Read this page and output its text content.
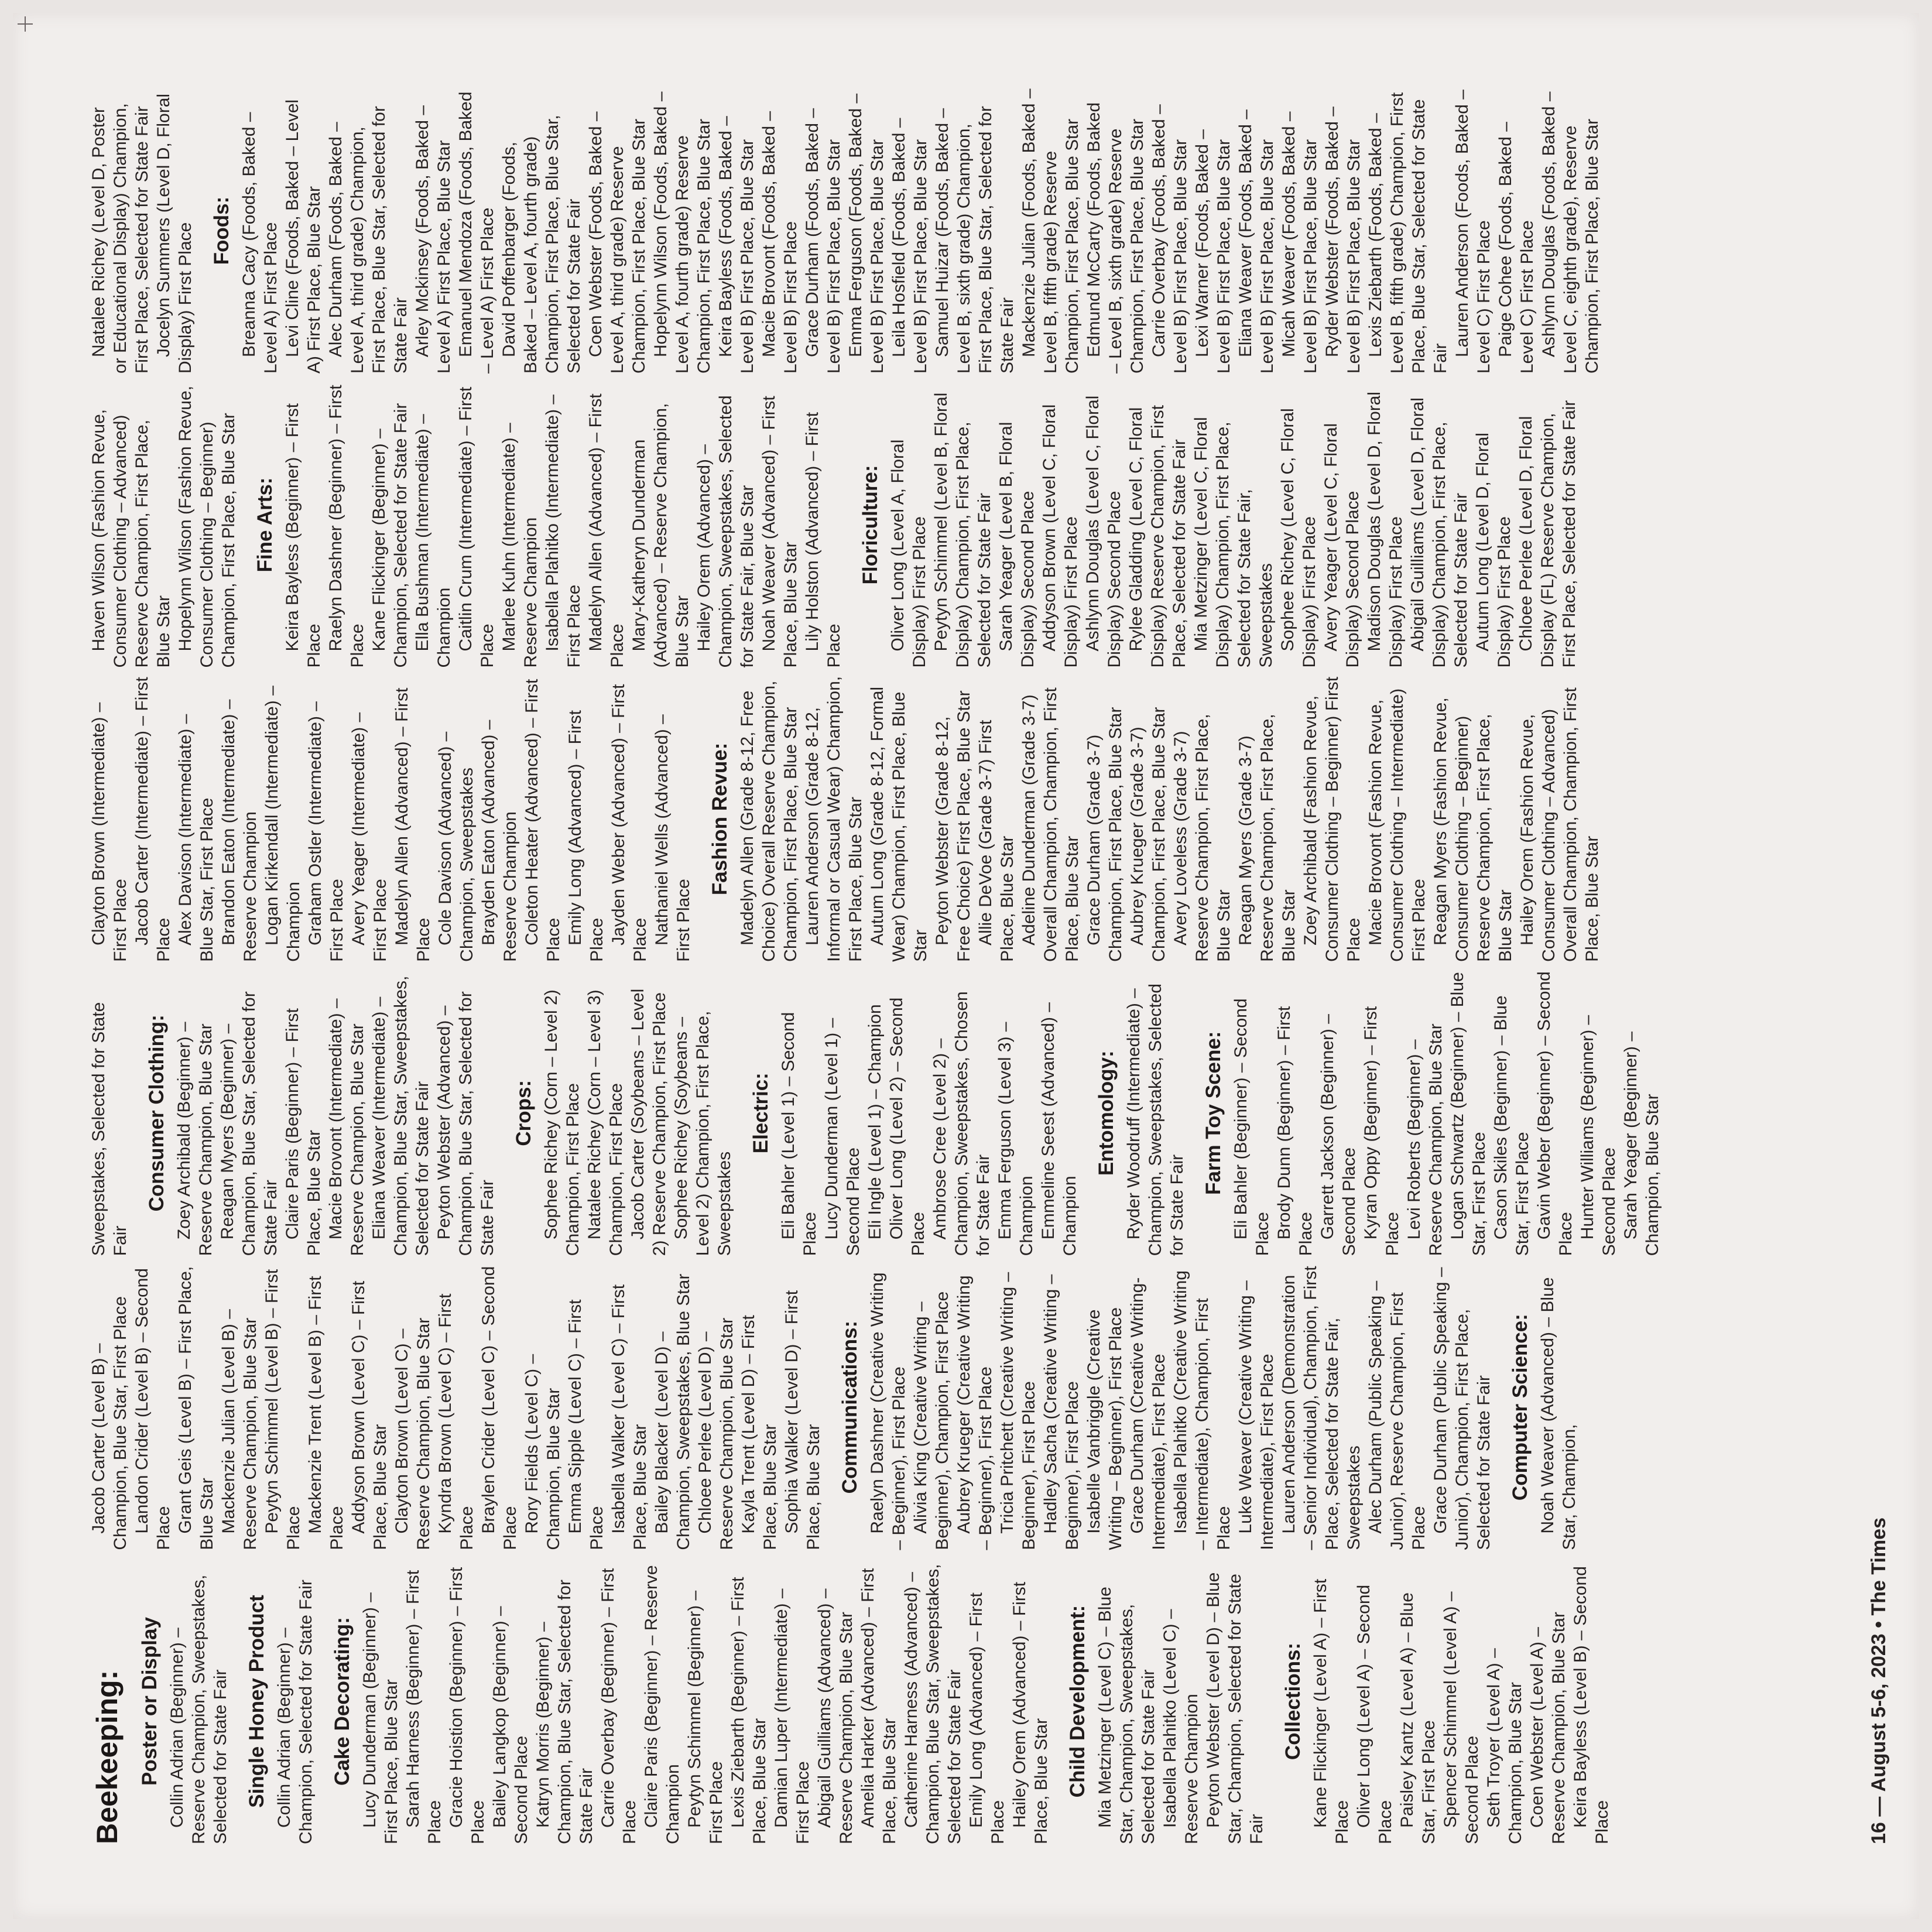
Beekeeping: Poster or Display Collin Adrian (Beginner) – Reserve Champion, Sweepstakes, Selected for State Fair Single Honey Product Collin Adrian (Beginner) – Champion, Selected for State Fair Cake Decorating: Lucy Dunderman (Beginner) – First Place, Blue Star Sarah Harness (Beginner) – First Place Gracie Hoistion (Beginner) – First Place Bailey Langkop (Beginner) – Second Place Katryn Morris (Beginner) – Champion, Blue Star, Selected for State Fair Carrie Overbay (Beginner) – First Place Claire Paris (Beginner) – Reserve Champion Peytyn Schimmel (Beginner) – First Place Lexis Ziebarth (Beginner) – First Place, Blue Star Damian Luper (Intermediate) – First Place Abigail Guilliams (Advanced) – Reserve Champion, Blue Star Amelia Harker (Advanced) – First Place, Blue Star Catherine Harness (Advanced) – Champion, Blue Star, Sweepstakes, Selected for State Fair Emily Long (Advanced) – First Place Hailey Orem (Advanced) – First Place, Blue Star Child Development: Mia Metzinger (Level C) – Blue Star, Champion, Sweepstakes, Selected for State Fair Isabella Plahitko (Level C) – Reserve Champion Peyton Webster (Level D) – Blue Star, Champion, Selected for State Fair
Collections: Kane Flickinger (Level A) – First Place Oliver Long (Level A) – Second Place Paisley Kantz (Level A) – Blue Star, First Place Spencer Schimmel (Level A) – Second Place Seth Troyer (Level A) – Champion, Blue Star Coen Webster (Level A) – Reserve Champion, Blue Star Keira Bayless (Level B) – Second Place
Jacob Carter (Level B) – Champion, Blue Star, First Place Landon Crider (Level B) – Second Place Grant Geis (Level B) – First Place, Blue Star Mackenzie Julian (Level B) – Reserve Champion, Blue Star Peytyn Schimmel (Level B) – First Place Mackenzie Trent (Level B) – First Place Addyson Brown (Level C) – First Place, Blue Star Clayton Brown (Level C) – Reserve Champion, Blue Star Kyndra Brown (Level C) – First Place Braylen Crider (Level C) – Second Place Rory Fields (Level C) – Champion, Blue Star Emma Sipple (Level C) – First Place Isabella Walker (Level C) – First Place, Blue Star Bailey Blacker (Level D) – Champion, Sweepstakes, Blue Star Chloee Perlee (Level D) – Reserve Champion, Blue Star Kayla Trent (Level D) – First Place, Blue Star Sophia Walker (Level D) – First Place, Blue Star Communications: Raelyn Dashner (Creative Writing – Beginner), First Place Alivia King (Creative Writing – Beginner), Champion, First Place Aubrey Krueger (Creative Writing – Beginner), First Place Tricia Pritchett (Creative Writing – Beginner), First Place Hadley Sacha (Creative Writing – Beginner), First Place Isabelle Vanbriggle (Creative Writing – Beginner), First Place Grace Durham (Creative Writing- Intermediate), First Place Isabella Plahitko (Creative Writing – Intermediate), Champion, First Place Luke Weaver (Creative Writing – Intermediate), First Place Lauren Anderson (Demonstration – Senior Individual), Champion, First Place, Selected for State Fair, Sweepstakes Alec Durham (Public Speaking – Junior), Reserve Champion, First Place Grace Durham (Public Speaking – Junior), Champion, First Place, Selected for State Fair Computer Science: Noah Weaver (Advanced) – Blue Star, Champion,
Sweepstakes, Selected for State Fair
Consumer Clothing: Zoey Archibald (Beginner) – Reserve Champion, Blue Star Reagan Myers (Beginner) – Champion, Blue Star, Selected for State Fair Claire Paris (Beginner) – First Place, Blue Star Macie Brovont (Intermediate) – Reserve Champion, Blue Star Eliana Weaver (Intermediate) – Champion, Blue Star, Sweepstakes, Selected for State Fair Peyton Webster (Advanced) – Champion, Blue Star, Selected for State Fair
Crops: Sophee Richey (Corn – Level 2) Champion, First Place Natalee Richey (Corn – Level 3) Champion, First Place Jacob Carter (Soybeans – Level 2) Reserve Champion, First Place Sophee Richey (Soybeans – Level 2) Champion, First Place, Sweepstakes
Electric: Eli Bahler (Level 1) – Second Place Lucy Dunderman (Level 1) – Second Place Eli Ingle (Level 1) – Champion Oliver Long (Level 2) – Second Place Ambrose Cree (Level 2) – Champion, Sweepstakes, Chosen for State Fair Emma Ferguson (Level 3) – Champion Emmeline Seest (Advanced) – Champion
Entomology: Ryder Woodruff (Intermediate) – Champion, Sweepstakes, Selected for State Fair
Farm Toy Scene: Eli Bahler (Beginner) – Second Place Brody Dunn (Beginner) – First Place Garrett Jackson (Beginner) – Second Place Kyran Oppy (Beginner) – First Place Levi Roberts (Beginner) – Reserve Champion, Blue Star Logan Schwartz (Beginner) – Blue Star, First Place Cason Skiles (Beginner) – Blue Star, First Place Gavin Weber (Beginner) – Second Place Hunter Williams (Beginner) – Second Place Sarah Yeager (Beginner) – Champion, Blue Star
Clayton Brown (Intermediate) – First Place Jacob Carter (Intermediate) – First Place Alex Davison (Intermediate) – Blue Star, First Place Brandon Eaton (Intermediate) – Reserve Champion Logan Kirkendall (Intermediate) – Champion Graham Ostler (Intermediate) – First Place Avery Yeager (Intermediate) – First Place Madelyn Allen (Advanced) – First Place Cole Davison (Advanced) – Champion, Sweepstakes Brayden Eaton (Advanced) – Reserve Champion Coleton Heater (Advanced) – First Place Emily Long (Advanced) – First Place Jayden Weber (Advanced) – First Place Nathaniel Wells (Advanced) – First Place
Fashion Revue: Madelyn Allen (Grade 8-12, Free Choice) Overall Reserve Champion, Champion, First Place, Blue Star Lauren Anderson (Grade 8-12, Informal or Casual Wear) Champion, First Place, Blue Star Autum Long (Grade 8-12, Formal Wear) Champion, First Place, Blue Star
Peyton Webster (Grade 8-12, Free Choice) First Place, Blue Star Allie DeVoe (Grade 3-7) First Place, Blue Star Adeline Dunderman (Grade 3-7) Overall Champion, Champion, First Place, Blue Star Grace Durham (Grade 3-7) Champion, First Place, Blue Star Aubrey Krueger (Grade 3-7) Champion, First Place, Blue Star Avery Loveless (Grade 3-7) Reserve Champion, First Place, Blue Star Reagan Myers (Grade 3-7) Reserve Champion, First Place, Blue Star Zoey Archibald (Fashion Revue, Consumer Clothing – Beginner) First Place Macie Brovont (Fashion Revue, Consumer Clothing – Intermediate) First Place Reagan Myers (Fashion Revue, Consumer Clothing – Beginner) Reserve Champion, First Place, Blue Star Hailey Orem (Fashion Revue, Consumer Clothing – Advanced) Overall Champion, Champion, First Place, Blue Star
Haven Wilson (Fashion Revue, Consumer Clothing – Advanced) Reserve Champion, First Place, Blue Star Hopelynn Wilson (Fashion Revue, Consumer Clothing – Beginner) Champion, First Place, Blue Star Fine Arts: Keira Bayless (Beginner) – First Place Raelyn Dashner (Beginner) – First Place Kane Flickinger (Beginner) – Champion, Selected for State Fair Ella Bushman (Intermediate) – Champion Caitlin Crum (Intermediate) – First Place Marlee Kuhn (Intermediate) – Reserve Champion Isabella Plahitko (Intermediate) – First Place Madelyn Allen (Advanced) – First Place Mary-Katheryn Dunderman (Advanced) – Reserve Champion, Blue Star Hailey Orem (Advanced) – Champion, Sweepstakes, Selected for State Fair, Blue Star Noah Weaver (Advanced) – First Place, Blue Star Lily Holston (Advanced) – First Place
Floriculture: Oliver Long (Level A, Floral Display) First Place Peytyn Schimmel (Level B, Floral Display) Champion, First Place, Selected for State Fair Sarah Yeager (Level B, Floral Display) Second Place Addyson Brown (Level C, Floral Display) First Place Ashlynn Douglas (Level C, Floral Display) Second Place Rylee Gladding (Level C, Floral Display) Reserve Champion, First Place, Selected for State Fair Mia Metzinger (Level C, Floral Display) Champion, First Place, Selected for State Fair, Sweepstakes Sophee Richey (Level C, Floral Display) First Place Avery Yeager (Level C, Floral Display) Second Place Madison Douglas (Level D, Floral Display) First Place Abigail Guilliams (Level D, Floral Display) Champion, First Place, Selected for State Fair Autum Long (Level D, Floral Display) First Place Chloee Perlee (Level D, Floral Display (FL) Reserve Champion, First Place, Selected for State Fair
Natalee Richey (Level D, Poster or Educational Display) Champion, First Place, Selected for State Fair Jocelyn Summers (Level D, Floral Display) First Place Foods: Breanna Cacy (Foods, Baked – Level A) First Place Levi Cline (Foods, Baked – Level A) First Place, Blue Star Alec Durham (Foods, Baked – Level A, third grade) Champion, First Place, Blue Star, Selected for State Fair Arley Mckinsey (Foods, Baked – Level A) First Place, Blue Star Emanuel Mendoza (Foods, Baked – Level A) First Place David Poffenbarger (Foods, Baked – Level A, fourth grade) Champion, First Place, Blue Star, Selected for State Fair Coen Webster (Foods, Baked – Level A, third grade) Reserve Champion, First Place, Blue Star Hopelynn Wilson (Foods, Baked – Level A, fourth grade) Reserve Champion, First Place, Blue Star Keira Bayless (Foods, Baked – Level B) First Place, Blue Star Macie Brovont (Foods, Baked – Level B) First Place Grace Durham (Foods, Baked – Level B) First Place, Blue Star Emma Ferguson (Foods, Baked – Level B) First Place, Blue Star Leila Hosfield (Foods, Baked – Level B) First Place, Blue Star Samuel Huizar (Foods, Baked – Level B, sixth grade) Champion, First Place, Blue Star, Selected for State Fair Mackenzie Julian (Foods, Baked – Level B, fifth grade) Reserve Champion, First Place, Blue Star Edmund McCarty (Foods, Baked – Level B, sixth grade) Reserve Champion, First Place, Blue Star Carrie Overbay (Foods, Baked – Level B) First Place, Blue Star Lexi Warner (Foods, Baked – Level B) First Place, Blue Star Eliana Weaver (Foods, Baked – Level B) First Place, Blue Star Micah Weaver (Foods, Baked – Level B) First Place, Blue Star Ryder Webster (Foods, Baked – Level B) First Place, Blue Star Lexis Ziebarth (Foods, Baked – Level B, fifth grade) Champion, First Place, Blue Star, Selected for State Fair
Lauren Anderson (Foods, Baked – Level C) First Place Paige Cohee (Foods, Baked – Level C) First Place Ashlynn Douglas (Foods, Baked – Level C, eighth grade), Reserve Champion, First Place, Blue Star
16 — August 5-6, 2023 • The Times
